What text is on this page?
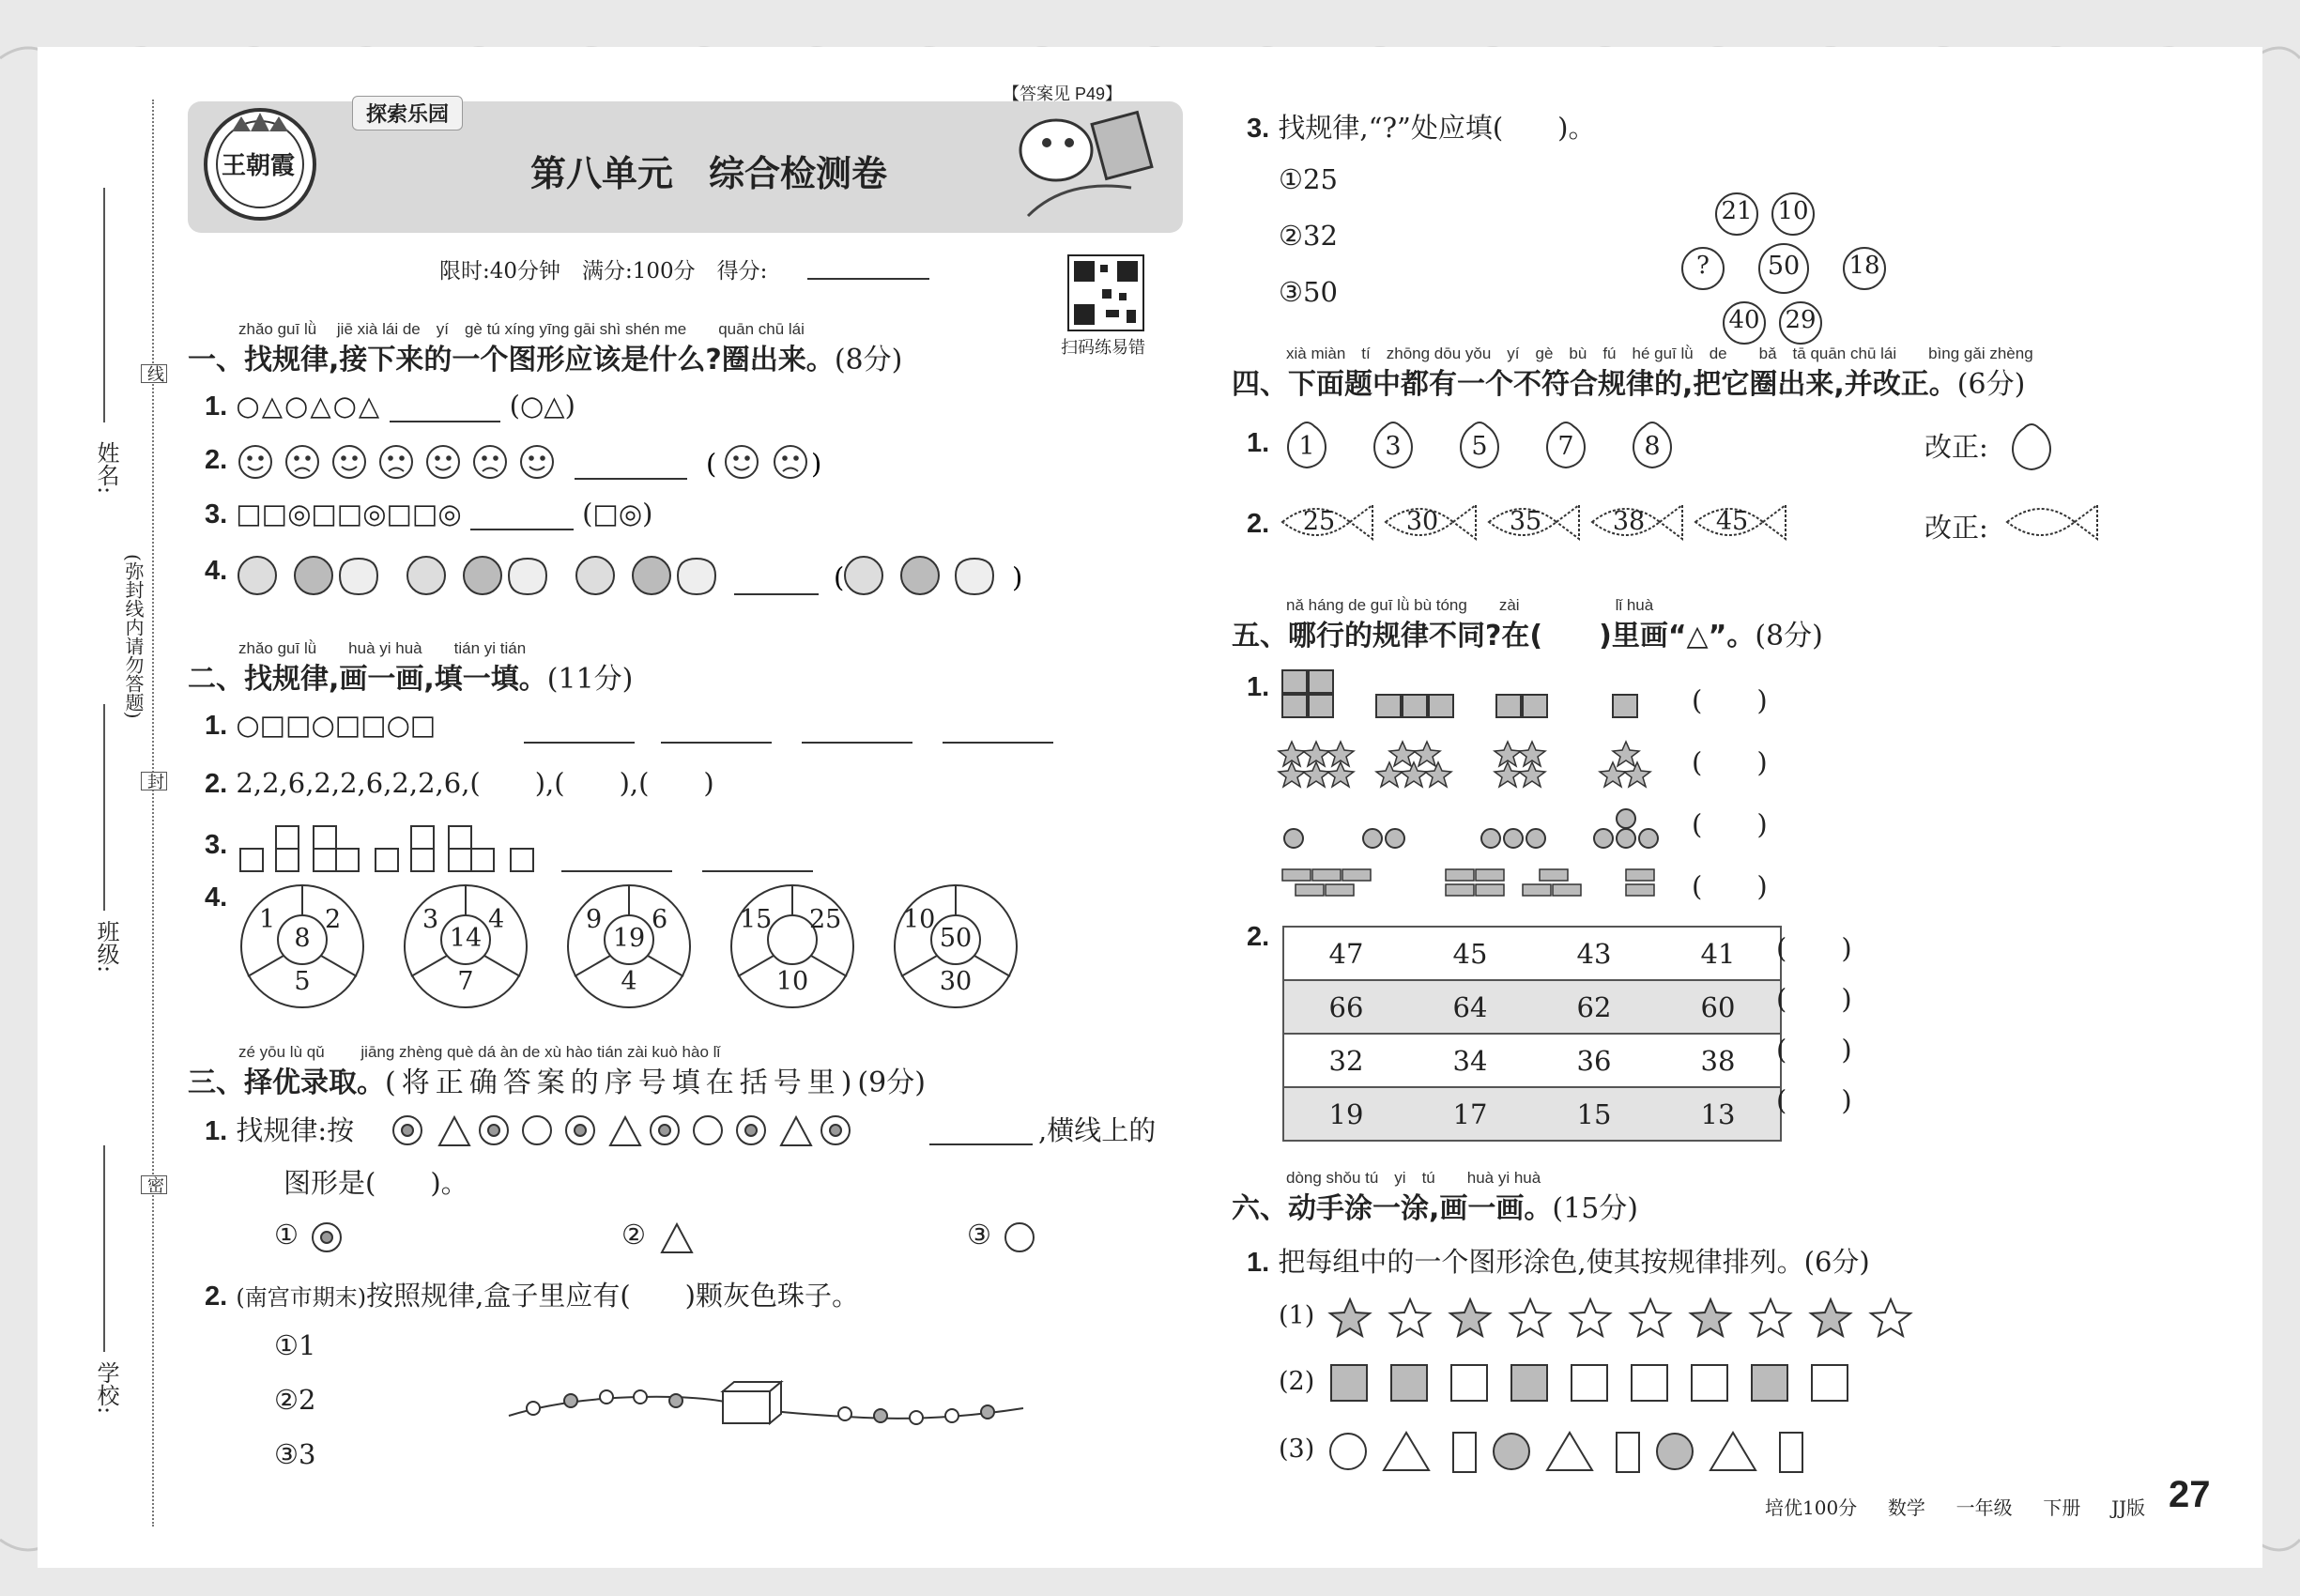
姓名:
班级:
学校:
(弥封线内请勿答题)
线
封
密
王朝霞
探索乐园
第八单元　综合检测卷
【答案见 P49】
限时:40分钟　满分:100分　得分:
扫码练易错
zhǎo guī lǜ　 jiē xià lái de　yí　gè tú xíng yīng gāi shì shén me　　quān chū lái
一、找规律,接下来的一个图形应该是什么?圈出来。(8分)
1. ○△○△○△	(○△)
2.	(	)
3. □□◎□□◎□□◎	(□◎)
4.	(	)
zhǎo guī lǜ　　huà yi huà　　tián yi tián
二、找规律,画一画,填一填。(11分)
1. ○□□○□□○□
2. 2,2,6,2,2,6,2,2,6,(　　),(　　),(　　)
3.
4.
1 2
8
5
3 4
14
7
9 6
19
4
15 25
10
10
50
30
zé yōu lù qǔ　　 jiāng zhèng què dá àn de xù hào tián zài kuò hào lǐ
三、择优录取。(将正确答案的序号填在括号里)(9分)
1. 找规律:按	,横线上的
图形是(　　)。
①	②	③
2. (南宫市期末)按照规律,盒子里应有(　　)颗灰色珠子。
①1
②2
③3
3. 找规律,“?”处应填(　　)。
①25
②32
③50
50
21 10
?	18
40 29
xià miàn　tí　zhōng dōu yǒu　yí　gè　bù　fú　hé guī lǜ　de　　bǎ　tā quān chū lái　　bìng gǎi zhèng
四、下面题中都有一个不符合规律的,把它圈出来,并改正。(6分)
1. 1	3	5	7	8	改正:
2. 25	30	35	38	45	改正:
nǎ háng de guī lǜ bù tóng　　zài　　　　　　lǐ huà
五、哪行的规律不同?在(　　)里画“△”。(8分)
1.	(　　)
(　　)
(　　)
(　　)
2.
47	45	43	41
66	64	62	60
32	34	36	38
19	17	15	13
(　　)
(　　)
(　　)
(　　)
dòng shǒu tú　yi　tú　　huà yi huà
六、动手涂一涂,画一画。(15分)
1. 把每组中的一个图形涂色,使其按规律排列。(6分)
(1)
(2)
(3)
培优100分 数学 一年级 下册 JJ版 27
